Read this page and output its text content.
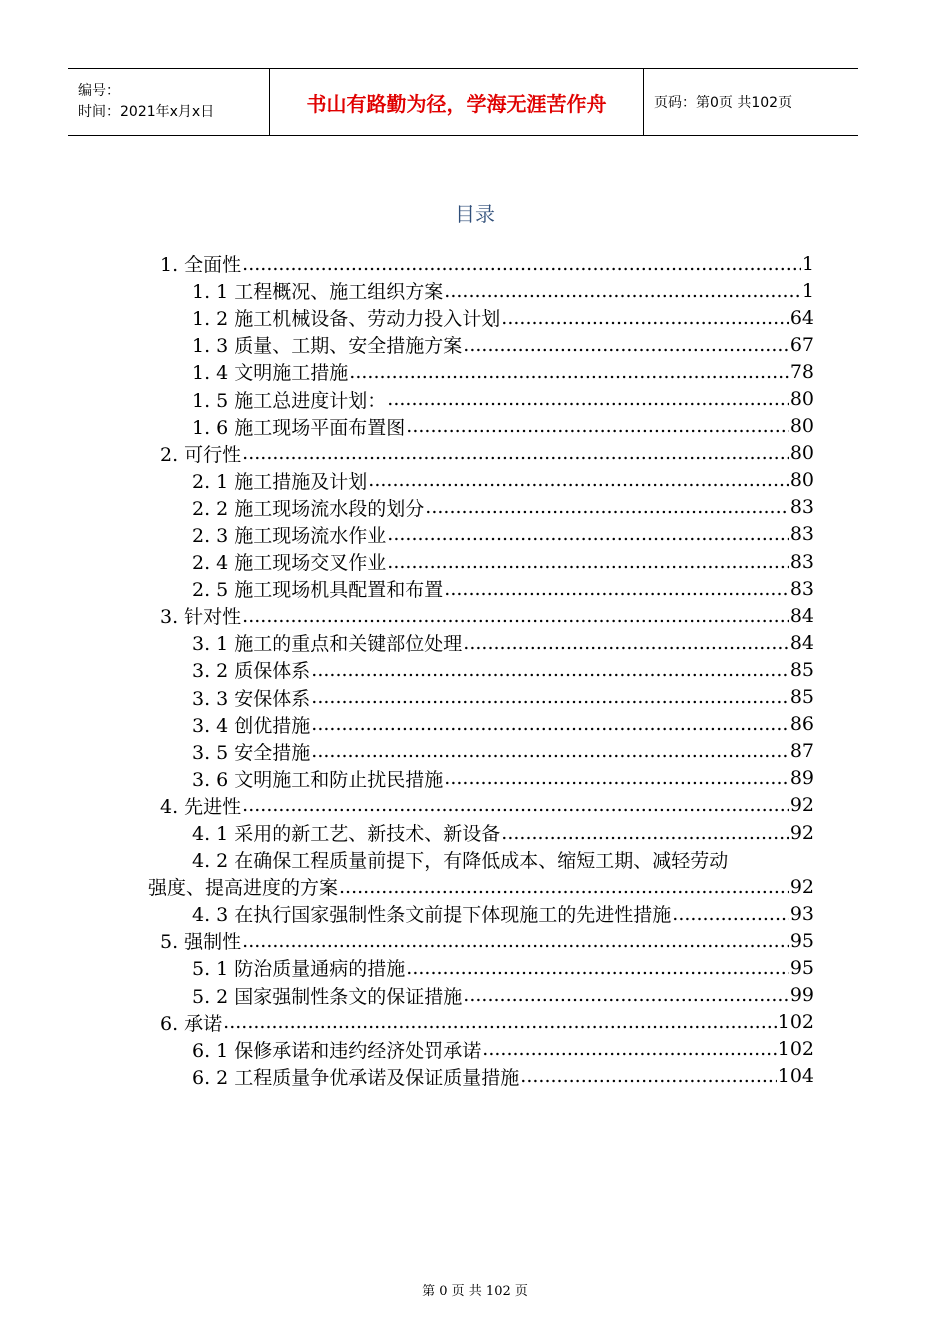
编号：
时间：2021年x月x日	书山有路勤为径，学海无涯苦作舟	页码：第0页 共102页
目录
1. 全面性 .....	1
1. 1 工程概况、施工组织方案 .....	1
1. 2 施工机械设备、劳动力投入计划 .....	64
1. 3 质量、工期、安全措施方案 .....	67
1. 4 文明施工措施 .....	78
1. 5 施工总进度计划： .....	80
1. 6 施工现场平面布置图 .....	80
2. 可行性 .....	80
2. 1 施工措施及计划 .....	80
2. 2 施工现场流水段的划分 .....	83
2. 3 施工现场流水作业 .....	83
2. 4 施工现场交叉作业 .....	83
2. 5 施工现场机具配置和布置 .....	83
3. 针对性 .....	84
3. 1 施工的重点和关键部位处理 .....	84
3. 2 质保体系 .....	85
3. 3 安保体系 .....	85
3. 4 创优措施 .....	86
3. 5 安全措施 .....	87
3. 6 文明施工和防止扰民措施 .....	89
4. 先进性 .....	92
4. 1 采用的新工艺、新技术、新设备 .....	92
4. 2 在确保工程质量前提下，有降低成本、缩短工期、减轻劳动
强度、提高进度的方案 .....	92
4. 3 在执行国家强制性条文前提下体现施工的先进性措施 .....	93
5. 强制性 .....	95
5. 1 防治质量通病的措施 .....	95
5. 2 国家强制性条文的保证措施 .....	99
6. 承诺 .....	102
6. 1 保修承诺和违约经济处罚承诺 .....	102
6. 2 工程质量争优承诺及保证质量措施 .....	104
第 0 页 共 102 页
